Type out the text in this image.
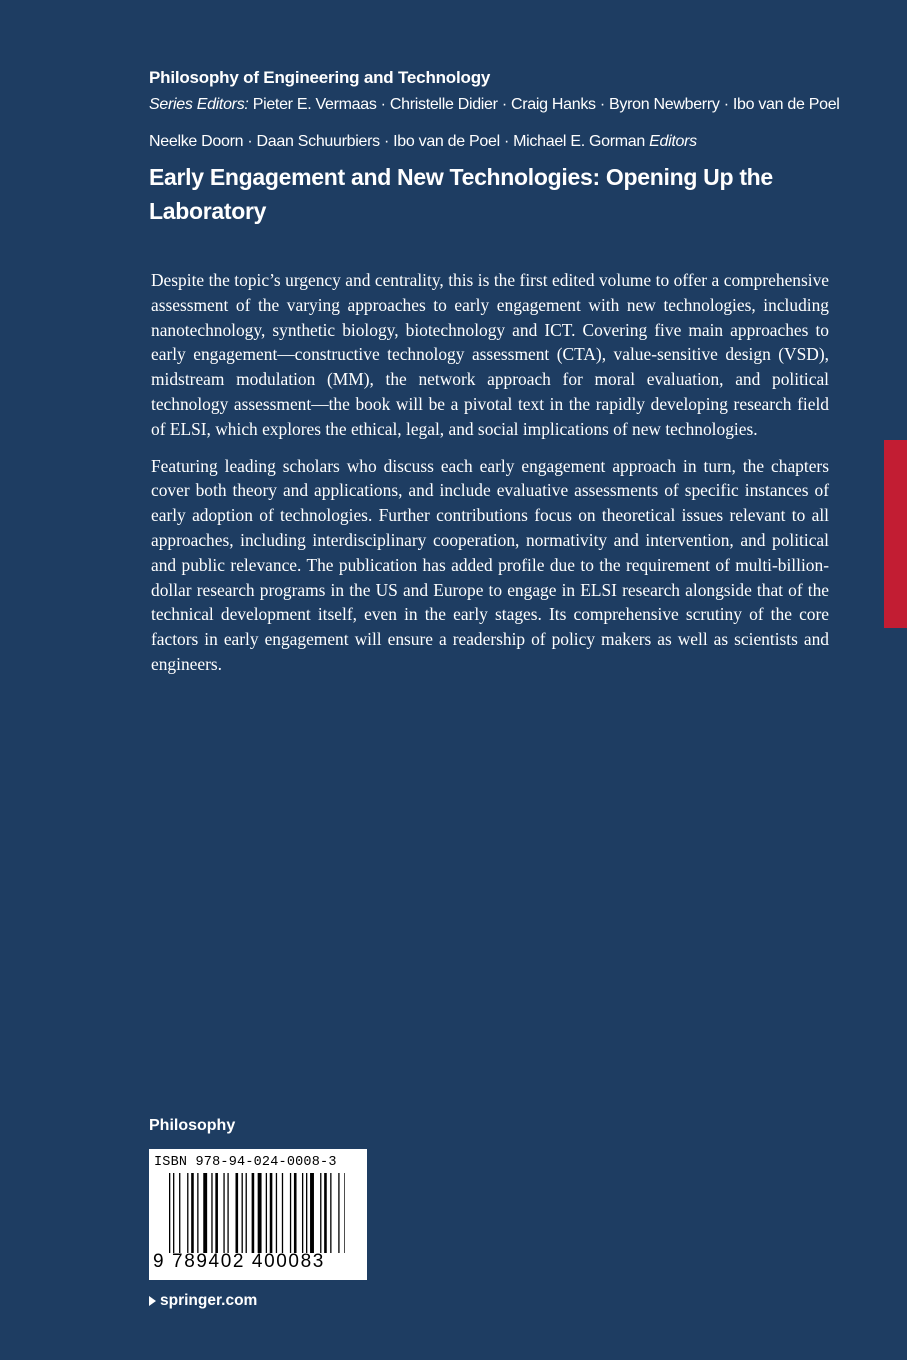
Philosophy of Engineering and Technology
Series Editors: Pieter E. Vermaas · Christelle Didier · Craig Hanks · Byron Newberry · Ibo van de Poel
Neelke Doorn · Daan Schuurbiers · Ibo van de Poel · Michael E. Gorman Editors
Early Engagement and New Technologies: Opening Up the Laboratory

Despite the topic’s urgency and centrality, this is the first edited volume to offer a comprehensive assessment of the varying approaches to early engagement with new technologies, including nanotechnology, synthetic biology, biotechnology and ICT. Covering five main approaches to early engagement—constructive technology assessment (CTA), value-sensitive design (VSD), midstream modulation (MM), the network approach for moral evaluation, and political technology assessment—the book will be a pivotal text in the rapidly developing research field of ELSI, which explores the ethical, legal, and social implications of new technologies.

Featuring leading scholars who discuss each early engagement approach in turn, the chapters cover both theory and applications, and include evaluative assessments of specific instances of early adoption of technologies. Further contributions focus on theoretical issues relevant to all approaches, including interdisciplinary cooperation, normativity and intervention, and political and public relevance. The publication has added profile due to the requirement of multi-billion-dollar research programs in the US and Europe to engage in ELSI research alongside that of the technical development itself, even in the early stages. Its comprehensive scrutiny of the core factors in early engagement will ensure a readership of policy makers as well as scientists and engineers.

Philosophy
ISBN 978-94-024-0008-3
9 789402 400083
springer.com
